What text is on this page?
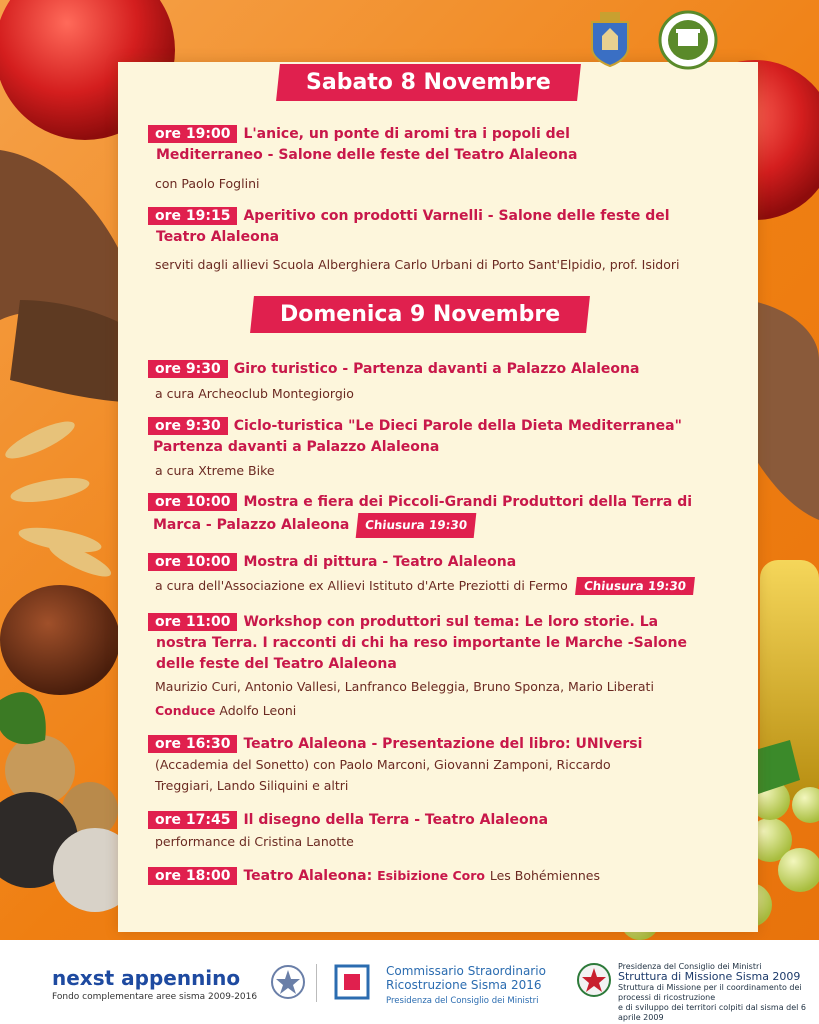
Sabato 8 Novembre
ore 19:00 L'anice, un ponte di aromi tra i popoli del
Mediterraneo - Salone delle feste del Teatro Alaleona
con Paolo Foglini
ore 19:15 Aperitivo con prodotti Varnelli - Salone delle feste del
Teatro Alaleona
serviti dagli allievi Scuola Alberghiera Carlo Urbani di Porto Sant'Elpidio, prof. Isidori
Domenica 9 Novembre
ore 9:30 Giro turistico - Partenza davanti a Palazzo Alaleona
a cura Archeoclub Montegiorgio
ore 9:30 Ciclo-turistica "Le Dieci Parole della Dieta Mediterranea"
Partenza davanti a Palazzo Alaleona
a cura Xtreme Bike
ore 10:00 Mostra e fiera dei Piccoli-Grandi Produttori della Terra di
Marca - Palazzo Alaleona Chiusura 19:30
ore 10:00 Mostra di pittura - Teatro Alaleona
a cura dell'Associazione ex Allievi Istituto d'Arte Preziotti di Fermo Chiusura 19:30
ore 11:00 Workshop con produttori sul tema: Le loro storie. La
nostra Terra. I racconti di chi ha reso importante le Marche -Salone
delle feste del Teatro Alaleona
Maurizio Curi, Antonio Vallesi, Lanfranco Beleggia, Bruno Sponza, Mario Liberati
Conduce Adolfo Leoni
ore 16:30 Teatro Alaleona - Presentazione del libro: UNIversi
(Accademia del Sonetto) con Paolo Marconi, Giovanni Zamponi, Riccardo
Treggiari, Lando Siliquini e altri
ore 17:45 Il disegno della Terra - Teatro Alaleona
performance di Cristina Lanotte
ore 18:00 Teatro Alaleona: Esibizione Coro Les Bohémiennes
nexst appennino
Fondo complementare aree sisma 2009-2016
Commissario Straordinario
Ricostruzione Sisma 2016
Presidenza del Consiglio dei Ministri
Presidenza del Consiglio dei Ministri
Struttura di Missione Sisma 2009
Struttura di Missione per il coordinamento dei processi di ricostruzione
e di sviluppo dei territori colpiti dal sisma del 6 aprile 2009
